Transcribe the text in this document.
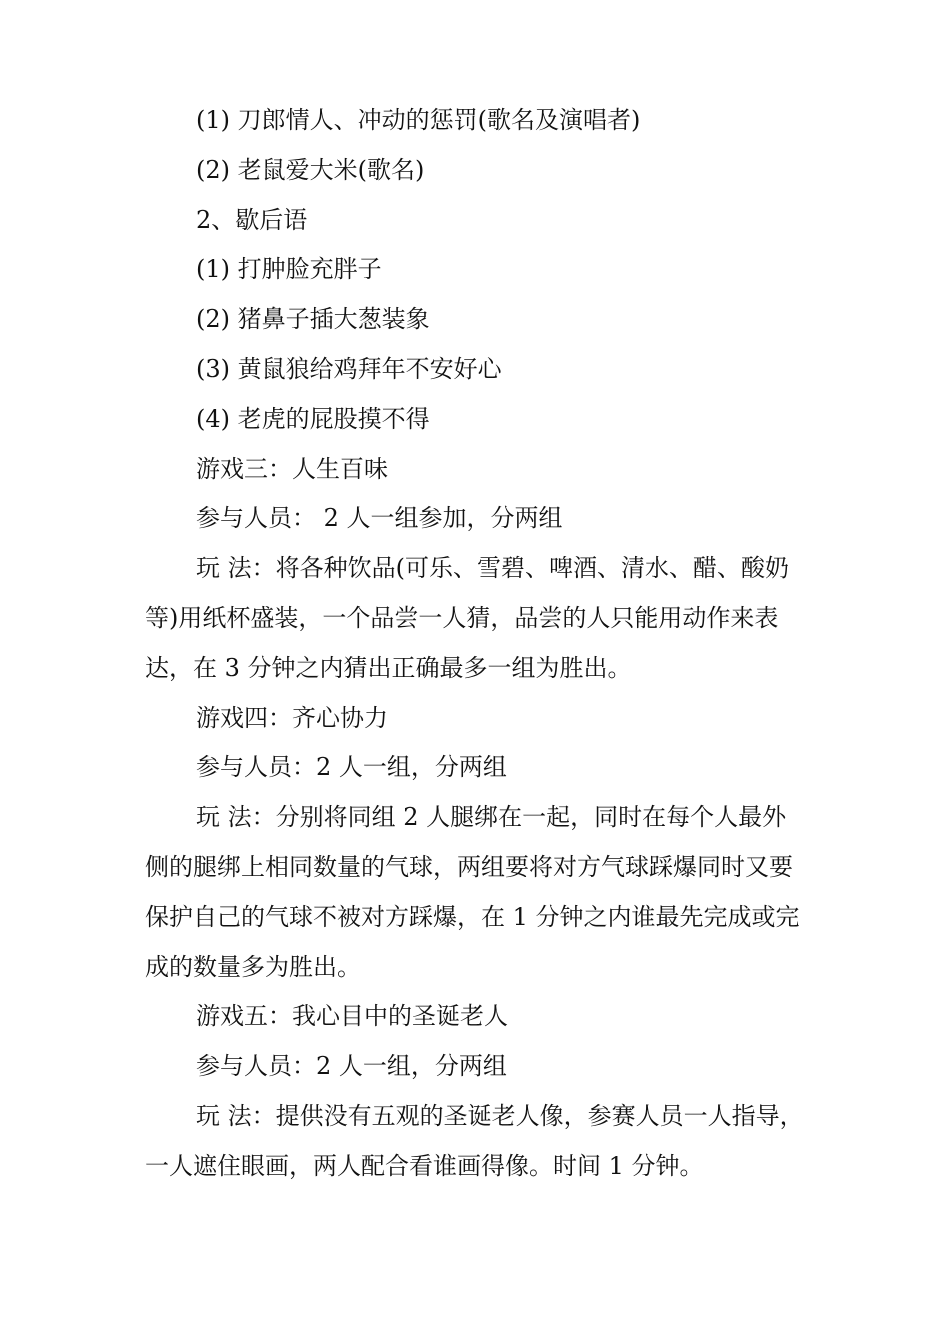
(1) 刀郎情人、冲动的惩罚(歌名及演唱者)

(2) 老鼠爱大米(歌名)

2、歇后语

(1) 打肿脸充胖子

(2) 猪鼻子插大葱装象

(3) 黄鼠狼给鸡拜年不安好心

(4) 老虎的屁股摸不得

游戏三：人生百味

参与人员： 2 人一组参加，分两组

玩 法：将各种饮品(可乐、雪碧、啤酒、清水、醋、酸奶等)用纸杯盛装，一个品尝一人猜，品尝的人只能用动作来表达，在 3 分钟之内猜出正确最多一组为胜出。

游戏四：齐心协力

参与人员：2 人一组，分两组

玩 法：分别将同组 2 人腿绑在一起，同时在每个人最外侧的腿绑上相同数量的气球，两组要将对方气球踩爆同时又要保护自己的气球不被对方踩爆，在 1 分钟之内谁最先完成或完成的数量多为胜出。

游戏五：我心目中的圣诞老人

参与人员：2 人一组，分两组

玩 法：提供没有五观的圣诞老人像，参赛人员一人指导，一人遮住眼画，两人配合看谁画得像。时间 1 分钟。
